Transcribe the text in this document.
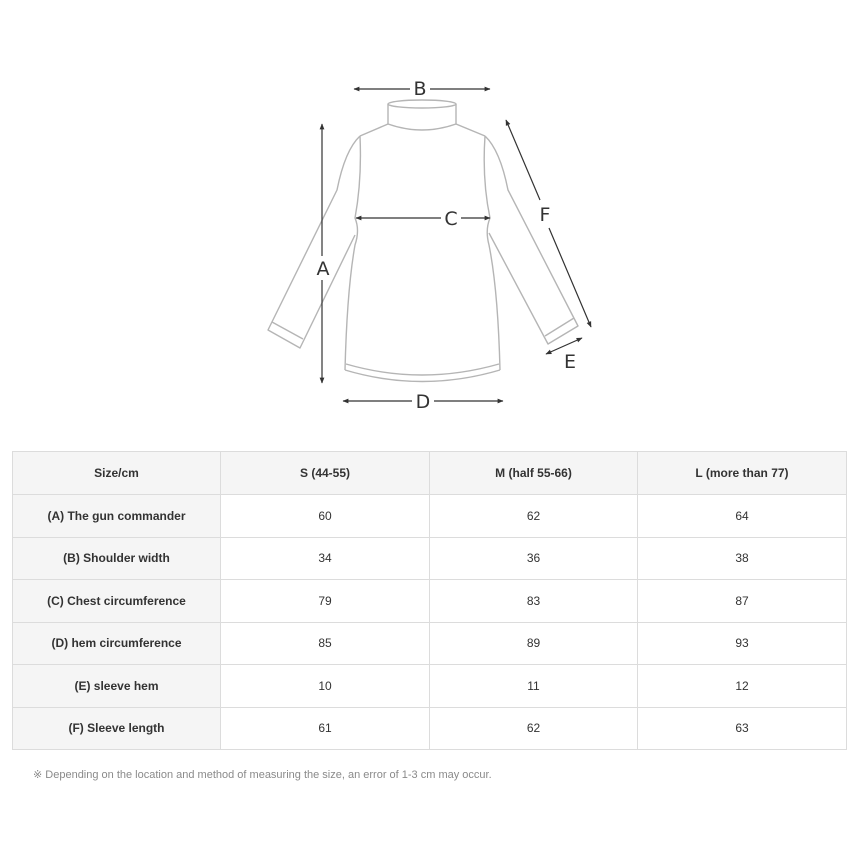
B
A
C
D
F
E
Size/cm	S (44-55)	M (half 55-66)	L (more than 77)
(A) The gun commander	60	62	64
(B) Shoulder width	34	36	38
(C) Chest circumference	79	83	87
(D) hem circumference	85	89	93
(E) sleeve hem	10	11	12
(F) Sleeve length	61	62	63
※ Depending on the location and method of measuring the size, an error of 1-3 cm may occur.
